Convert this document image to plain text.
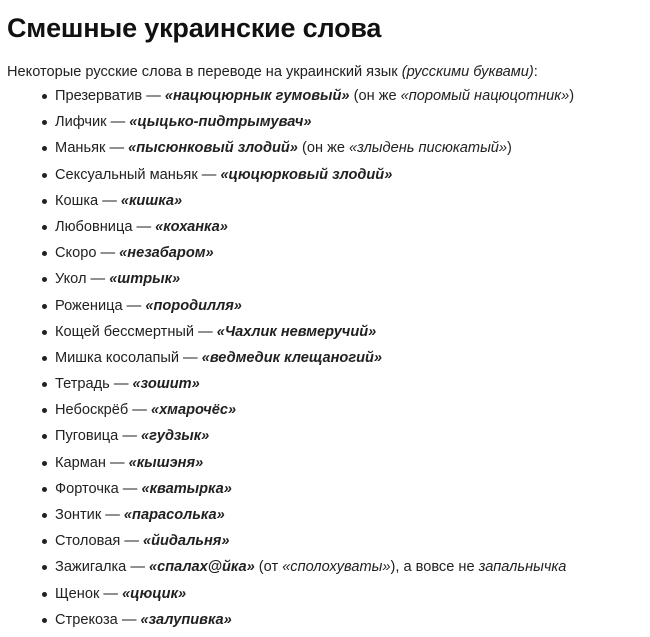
Смешные украинские слова

Некоторые русские слова в переводе на украинский язык (русскими буквами):

Презерватив — «нацюцюрнык гумовый» (он же «поромый нацюцотник»)
Лифчик — «цыцько-пидтрымувач»
Маньяк — «пысюнковый злодий» (он же «злыдень писюкатый»)
Сексуальный маньяк — «цюцюрковый злодий»
Кошка — «кишка»
Любовница — «коханка»
Скоро — «незабаром»
Укол — «штрык»
Роженица — «породилля»
Кощей бессмертный — «Чахлик невмеручий»
Мишка косолапый — «ведмедик клещаногий»
Тетрадь — «зошит»
Небоскрёб — «хмарочёс»
Пуговица — «гудзык»
Карман — «кышэня»
Форточка — «кватырка»
Зонтик — «парасолька»
Столовая — «йидальня»
Зажигалка — «спалах@йка» (от «сполохуваты»), а вовсе не запальнычка
Щенок — «цюцик»
Стрекоза — «залупивка»
